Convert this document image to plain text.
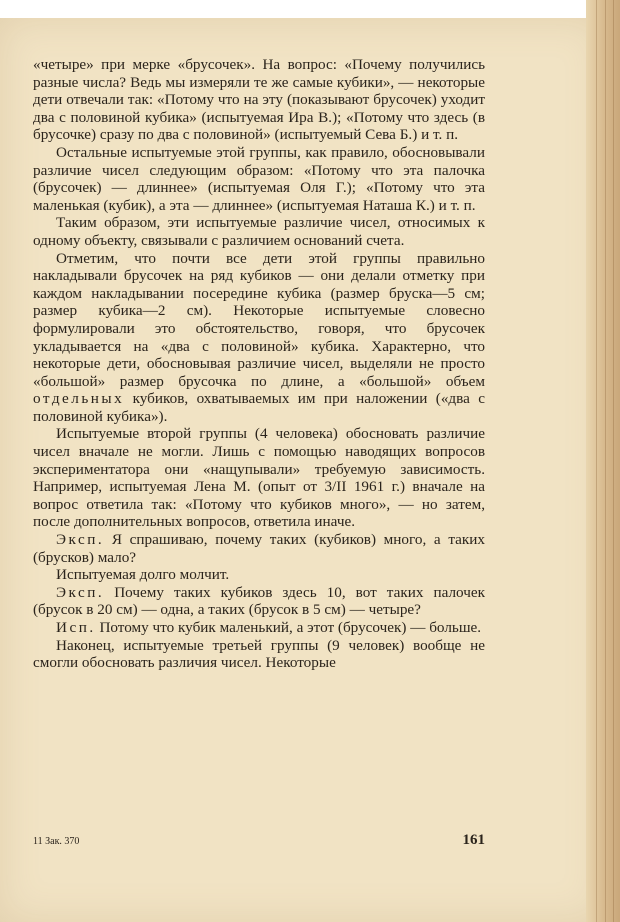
«четыре» при мерке «брусочек». На вопрос: «Почему получились разные числа? Ведь мы измеряли те же самые кубики», — некоторые дети отвечали так: «Потому что на эту (показывают брусочек) уходит два с половиной кубика» (испытуемая Ира В.); «Потому что здесь (в брусочке) сразу по два с половиной» (испытуемый Сева Б.) и т. п.

Остальные испытуемые этой группы, как правило, обосновывали различие чисел следующим образом: «Потому что эта палочка (брусочек) — длиннее» (испытуемая Оля Г.); «Потому что эта маленькая (кубик), а эта — длиннее» (испытуемая Наташа К.) и т. п.

Таким образом, эти испытуемые различие чисел, относимых к одному объекту, связывали с различием оснований счета.

Отметим, что почти все дети этой группы правильно накладывали брусочек на ряд кубиков — они делали отметку при каждом накладывании посередине кубика (размер бруска—5 см; размер кубика—2 см). Некоторые испытуемые словесно формулировали это обстоятельство, говоря, что брусочек укладывается на «два с половиной» кубика. Характерно, что некоторые дети, обосновывая различие чисел, выделяли не просто «большой» размер брусочка по длине, а «большой» объем отдельных кубиков, охватываемых им при наложении («два с половиной кубика»).

Испытуемые второй группы (4 человека) обосновать различие чисел вначале не могли. Лишь с помощью наводящих вопросов экспериментатора они «нащупывали» требуемую зависимость. Например, испытуемая Лена М. (опыт от 3/II 1961 г.) вначале на вопрос ответила так: «Потому что кубиков много», — но затем, после дополнительных вопросов, ответила иначе.

Эксп. Я спрашиваю, почему таких (кубиков) много, а таких (брусков) мало?

Испытуемая долго молчит.

Эксп. Почему таких кубиков здесь 10, вот таких палочек (брусок в 20 см) — одна, а таких (брусок в 5 см) — четыре?

Исп. Потому что кубик маленький, а этот (брусочек) — больше.

Наконец, испытуемые третьей группы (9 человек) вообще не смогли обосновать различия чисел. Некоторые

11 Зак. 370	161
